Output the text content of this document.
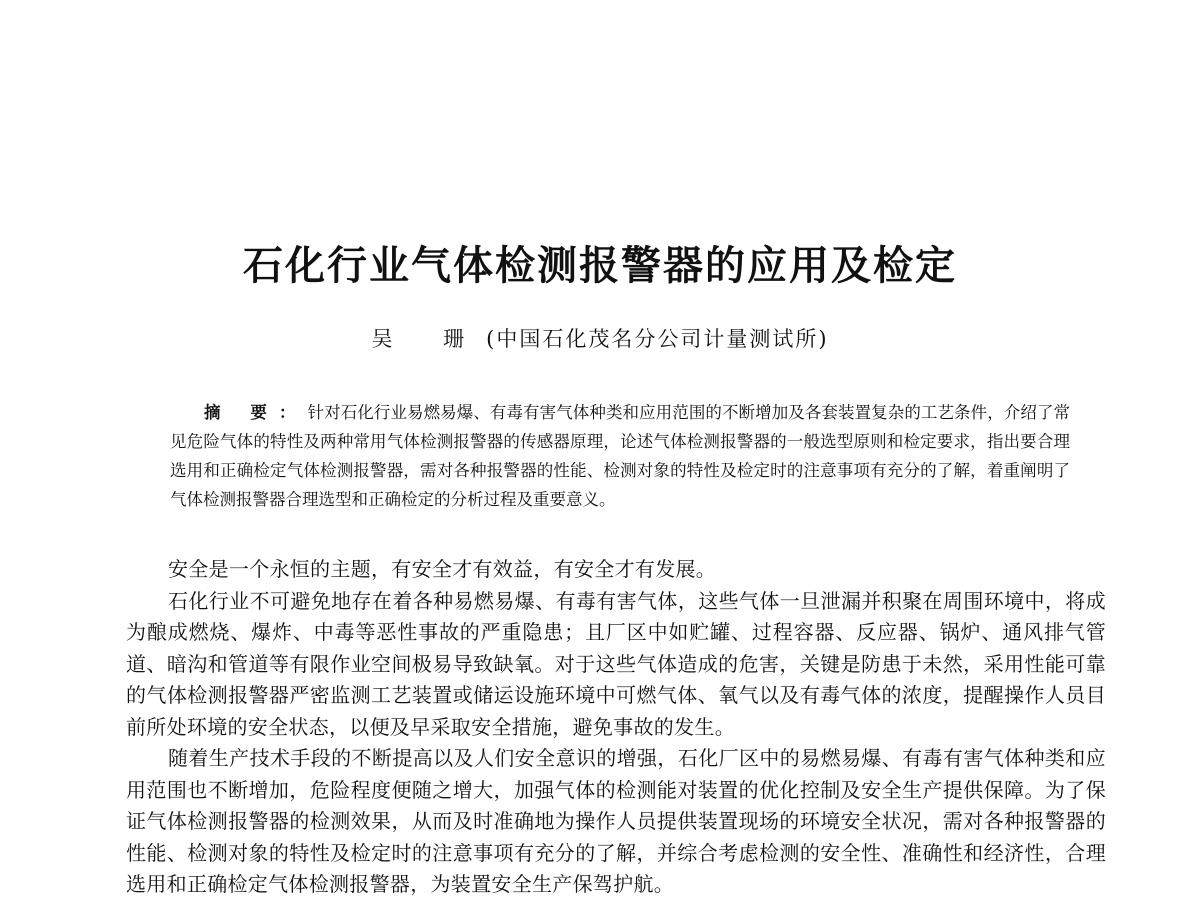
石化行业气体检测报警器的应用及检定
吴 珊(中国石化茂名分公司计量测试所)

摘 要：针对石化行业易燃易爆、有毒有害气体种类和应用范围的不断增加及各套装置复杂的工艺条件，介绍了常见危险气体的特性及两种常用气体检测报警器的传感器原理，论述气体检测报警器的一般选型原则和检定要求，指出要合理选用和正确检定气体检测报警器，需对各种报警器的性能、检测对象的特性及检定时的注意事项有充分的了解，着重阐明了气体检测报警器合理选型和正确检定的分析过程及重要意义。

安全是一个永恒的主题，有安全才有效益，有安全才有发展。

石化行业不可避免地存在着各种易燃易爆、有毒有害气体，这些气体一旦泄漏并积聚在周围环境中，将成为酿成燃烧、爆炸、中毒等恶性事故的严重隐患；且厂区中如贮罐、过程容器、反应器、锅炉、通风排气管道、暗沟和管道等有限作业空间极易导致缺氧。对于这些气体造成的危害，关键是防患于未然，采用性能可靠的气体检测报警器严密监测工艺装置或储运设施环境中可燃气体、氧气以及有毒气体的浓度，提醒操作人员目前所处环境的安全状态，以便及早采取安全措施，避免事故的发生。

随着生产技术手段的不断提高以及人们安全意识的增强，石化厂区中的易燃易爆、有毒有害气体种类和应用范围也不断增加，危险程度便随之增大，加强气体的检测能对装置的优化控制及安全生产提供保障。为了保证气体检测报警器的检测效果，从而及时准确地为操作人员提供装置现场的环境安全状况，需对各种报警器的性能、检测对象的特性及检定时的注意事项有充分的了解，并综合考虑检测的安全性、准确性和经济性，合理选用和正确检定气体检测报警器，为装置安全生产保驾护航。
